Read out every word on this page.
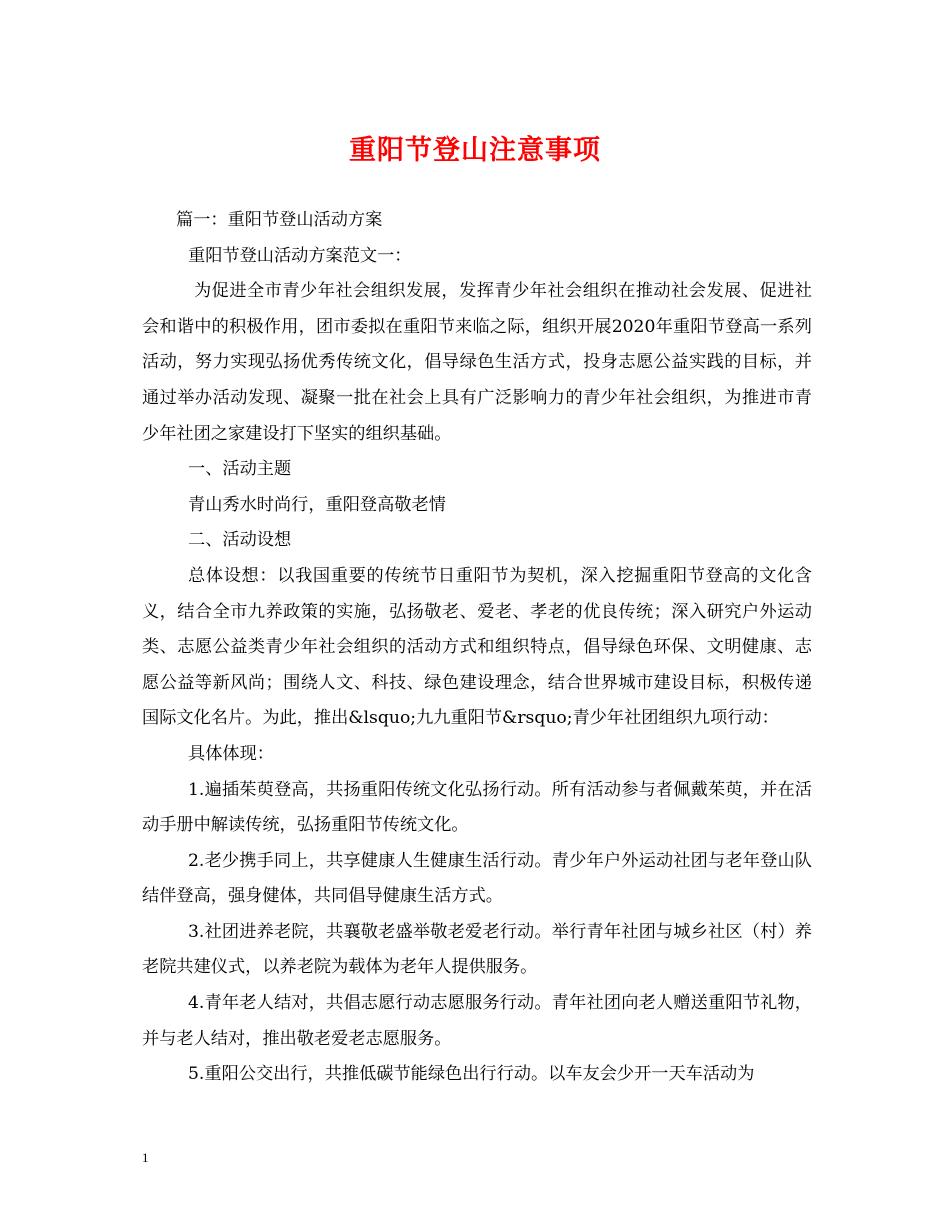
重阳节登山注意事项

篇一：重阳节登山活动方案

重阳节登山活动方案范文一：

为促进全市青少年社会组织发展，发挥青少年社会组织在推动社会发展、促进社会和谐中的积极作用，团市委拟在重阳节来临之际，组织开展2020年重阳节登高一系列活动，努力实现弘扬优秀传统文化，倡导绿色生活方式，投身志愿公益实践的目标，并通过举办活动发现、凝聚一批在社会上具有广泛影响力的青少年社会组织，为推进市青少年社团之家建设打下坚实的组织基础。

一、活动主题

青山秀水时尚行，重阳登高敬老情

二、活动设想

总体设想：以我国重要的传统节日重阳节为契机，深入挖掘重阳节登高的文化含义，结合全市九养政策的实施，弘扬敬老、爱老、孝老的优良传统；深入研究户外运动类、志愿公益类青少年社会组织的活动方式和组织特点，倡导绿色环保、文明健康、志愿公益等新风尚；围绕人文、科技、绿色建设理念，结合世界城市建设目标，积极传递国际文化名片。为此，推出&lsquo;九九重阳节&rsquo;青少年社团组织九项行动：

具体体现：

1.遍插茱萸登高，共扬重阳传统文化弘扬行动。所有活动参与者佩戴茱萸，并在活动手册中解读传统，弘扬重阳节传统文化。

2.老少携手同上，共享健康人生健康生活行动。青少年户外运动社团与老年登山队结伴登高，强身健体，共同倡导健康生活方式。

3.社团进养老院，共襄敬老盛举敬老爱老行动。举行青年社团与城乡社区（村）养老院共建仪式，以养老院为载体为老年人提供服务。

4.青年老人结对，共倡志愿行动志愿服务行动。青年社团向老人赠送重阳节礼物，并与老人结对，推出敬老爱老志愿服务。

5.重阳公交出行，共推低碳节能绿色出行行动。以车友会少开一天车活动为

1
